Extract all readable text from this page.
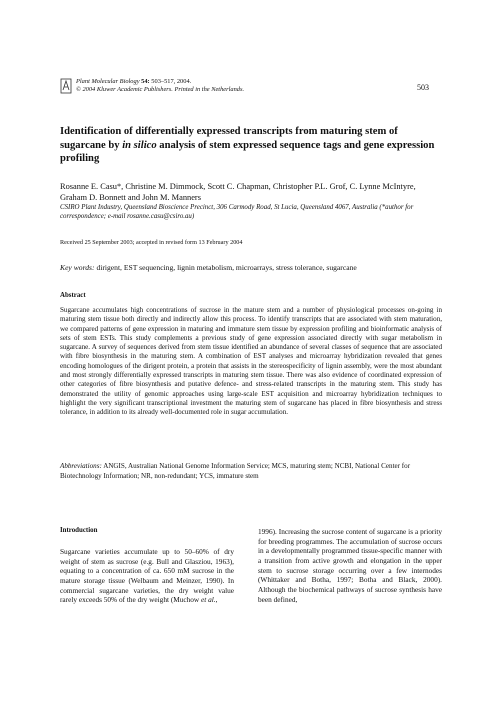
Plant Molecular Biology 54: 503–517, 2004.
© 2004 Kluwer Academic Publishers. Printed in the Netherlands.	503
Identification of differentially expressed transcripts from maturing stem of sugarcane by in silico analysis of stem expressed sequence tags and gene expression profiling
Rosanne E. Casu*, Christine M. Dimmock, Scott C. Chapman, Christopher P.L. Grof, C. Lynne McIntyre, Graham D. Bonnett and John M. Manners
CSIRO Plant Industry, Queensland Bioscience Precinct, 306 Carmody Road, St Lucia, Queensland 4067, Australia (*author for correspondence; e-mail rosanne.casu@csiro.au)
Received 25 September 2003; accepted in revised form 13 February 2004
Key words: dirigent, EST sequencing, lignin metabolism, microarrays, stress tolerance, sugarcane
Abstract

Sugarcane accumulates high concentrations of sucrose in the mature stem and a number of physiological processes on-going in maturing stem tissue both directly and indirectly allow this process. To identify transcripts that are associated with stem maturation, we compared patterns of gene expression in maturing and immature stem tissue by expression profiling and bioinformatic analysis of sets of stem ESTs. This study complements a previous study of gene expression associated directly with sugar metabolism in sugarcane. A survey of sequences derived from stem tissue identified an abundance of several classes of sequence that are associated with fibre biosynthesis in the maturing stem. A combination of EST analyses and microarray hybridization revealed that genes encoding homologues of the dirigent protein, a protein that assists in the stereospecificity of lignin assembly, were the most abundant and most strongly differentially expressed transcripts in maturing stem tissue. There was also evidence of coordinated expression of other categories of fibre biosynthesis and putative defence- and stress-related transcripts in the maturing stem. This study has demonstrated the utility of genomic approaches using large-scale EST acquisition and microarray hybridization techniques to highlight the very significant transcriptional investment the maturing stem of sugarcane has placed in fibre biosynthesis and stress tolerance, in addition to its already well-documented role in sugar accumulation.

Abbreviations: ANGIS, Australian National Genome Information Service; MCS, maturing stem; NCBI, National Center for Biotechnology Information; NR, non-redundant; YCS, immature stem

Introduction

Sugarcane varieties accumulate up to 50–60% of dry weight of stem as sucrose (e.g. Bull and Glasziou, 1963), equating to a concentration of ca. 650 mM sucrose in the mature storage tissue (Welbaum and Meinzer, 1990). In commercial sugarcane varieties, the dry weight value rarely exceeds 50% of the dry weight (Muchow et al.,

1996). Increasing the sucrose content of sugarcane is a priority for breeding programmes. The accumulation of sucrose occurs in a developmentally programmed tissue-specific manner with a transition from active growth and elongation in the upper stem to sucrose storage occurring over a few internodes (Whittaker and Botha, 1997; Botha and Black, 2000). Although the biochemical pathways of sucrose synthesis have been defined,
